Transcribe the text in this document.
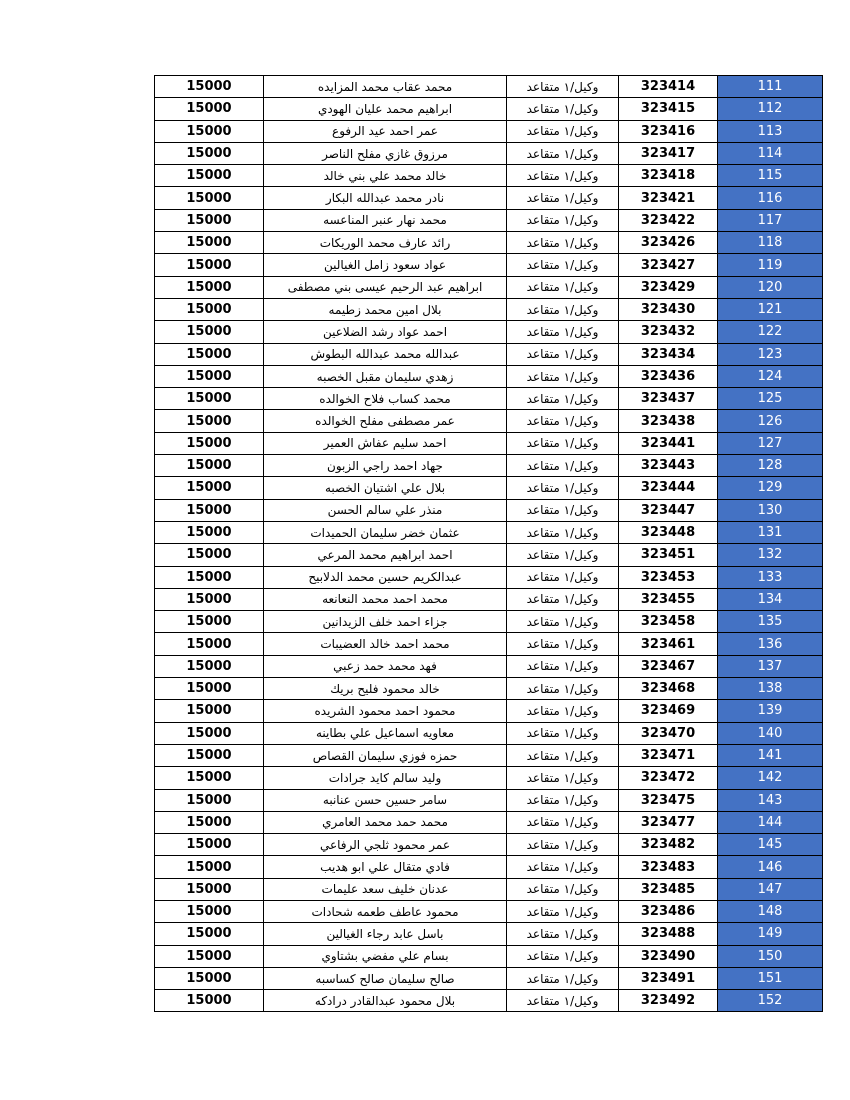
15000	محمد عقاب محمد المزايده	وكيل/١ متقاعد	323414	111
15000	ابراهيم محمد عليان الهودي	وكيل/١ متقاعد	323415	112
15000	عمر احمد عيد الرفوع	وكيل/١ متقاعد	323416	113
15000	مرزوق غازي مفلح الناصر	وكيل/١ متقاعد	323417	114
15000	خالد محمد علي بني خالد	وكيل/١ متقاعد	323418	115
15000	نادر محمد عبدالله البكار	وكيل/١ متقاعد	323421	116
15000	محمد نهار عنبر المناعسه	وكيل/١ متقاعد	323422	117
15000	رائد عارف محمد الوريكات	وكيل/١ متقاعد	323426	118
15000	عواد سعود زامل الغيالين	وكيل/١ متقاعد	323427	119
15000	ابراهيم عبد الرحيم عيسى بني مصطفى	وكيل/١ متقاعد	323429	120
15000	بلال امين محمد زطيمه	وكيل/١ متقاعد	323430	121
15000	احمد عواد رشد الضلاعين	وكيل/١ متقاعد	323432	122
15000	عبدالله محمد عبدالله البطوش	وكيل/١ متقاعد	323434	123
15000	زهدي سليمان مقبل الخصبه	وكيل/١ متقاعد	323436	124
15000	محمد كساب فلاح الخوالده	وكيل/١ متقاعد	323437	125
15000	عمر مصطفى مفلح الخوالده	وكيل/١ متقاعد	323438	126
15000	احمد سليم عفاش العمير	وكيل/١ متقاعد	323441	127
15000	جهاد احمد راجي الزبون	وكيل/١ متقاعد	323443	128
15000	بلال علي اشتيان الخصبه	وكيل/١ متقاعد	323444	129
15000	منذر علي سالم الحسن	وكيل/١ متقاعد	323447	130
15000	عثمان خضر سليمان الحميدات	وكيل/١ متقاعد	323448	131
15000	احمد ابراهيم محمد المرعي	وكيل/١ متقاعد	323451	132
15000	عبدالكريم حسين محمد الدلابيح	وكيل/١ متقاعد	323453	133
15000	محمد احمد محمد النعانعه	وكيل/١ متقاعد	323455	134
15000	جزاء احمد خلف الزيدانين	وكيل/١ متقاعد	323458	135
15000	محمد احمد خالد العضيبات	وكيل/١ متقاعد	323461	136
15000	فهد محمد حمد زعبي	وكيل/١ متقاعد	323467	137
15000	خالد محمود فليح بريك	وكيل/١ متقاعد	323468	138
15000	محمود احمد محمود الشريده	وكيل/١ متقاعد	323469	139
15000	معاويه اسماعيل علي بطاينه	وكيل/١ متقاعد	323470	140
15000	حمزه فوزي سليمان القصاص	وكيل/١ متقاعد	323471	141
15000	وليد سالم كايد جرادات	وكيل/١ متقاعد	323472	142
15000	سامر حسين حسن عنانبه	وكيل/١ متقاعد	323475	143
15000	محمد حمد محمد العامري	وكيل/١ متقاعد	323477	144
15000	عمر محمود ثلجي الرفاعي	وكيل/١ متقاعد	323482	145
15000	فادي متقال علي ابو هديب	وكيل/١ متقاعد	323483	146
15000	عدنان خليف سعد عليمات	وكيل/١ متقاعد	323485	147
15000	محمود عاطف طعمه شحادات	وكيل/١ متقاعد	323486	148
15000	باسل عابد رجاء الغيالين	وكيل/١ متقاعد	323488	149
15000	بسام علي مفضي بشتاوي	وكيل/١ متقاعد	323490	150
15000	صالح سليمان صالح كساسبه	وكيل/١ متقاعد	323491	151
15000	بلال محمود عبدالقادر درادكه	وكيل/١ متقاعد	323492	152
